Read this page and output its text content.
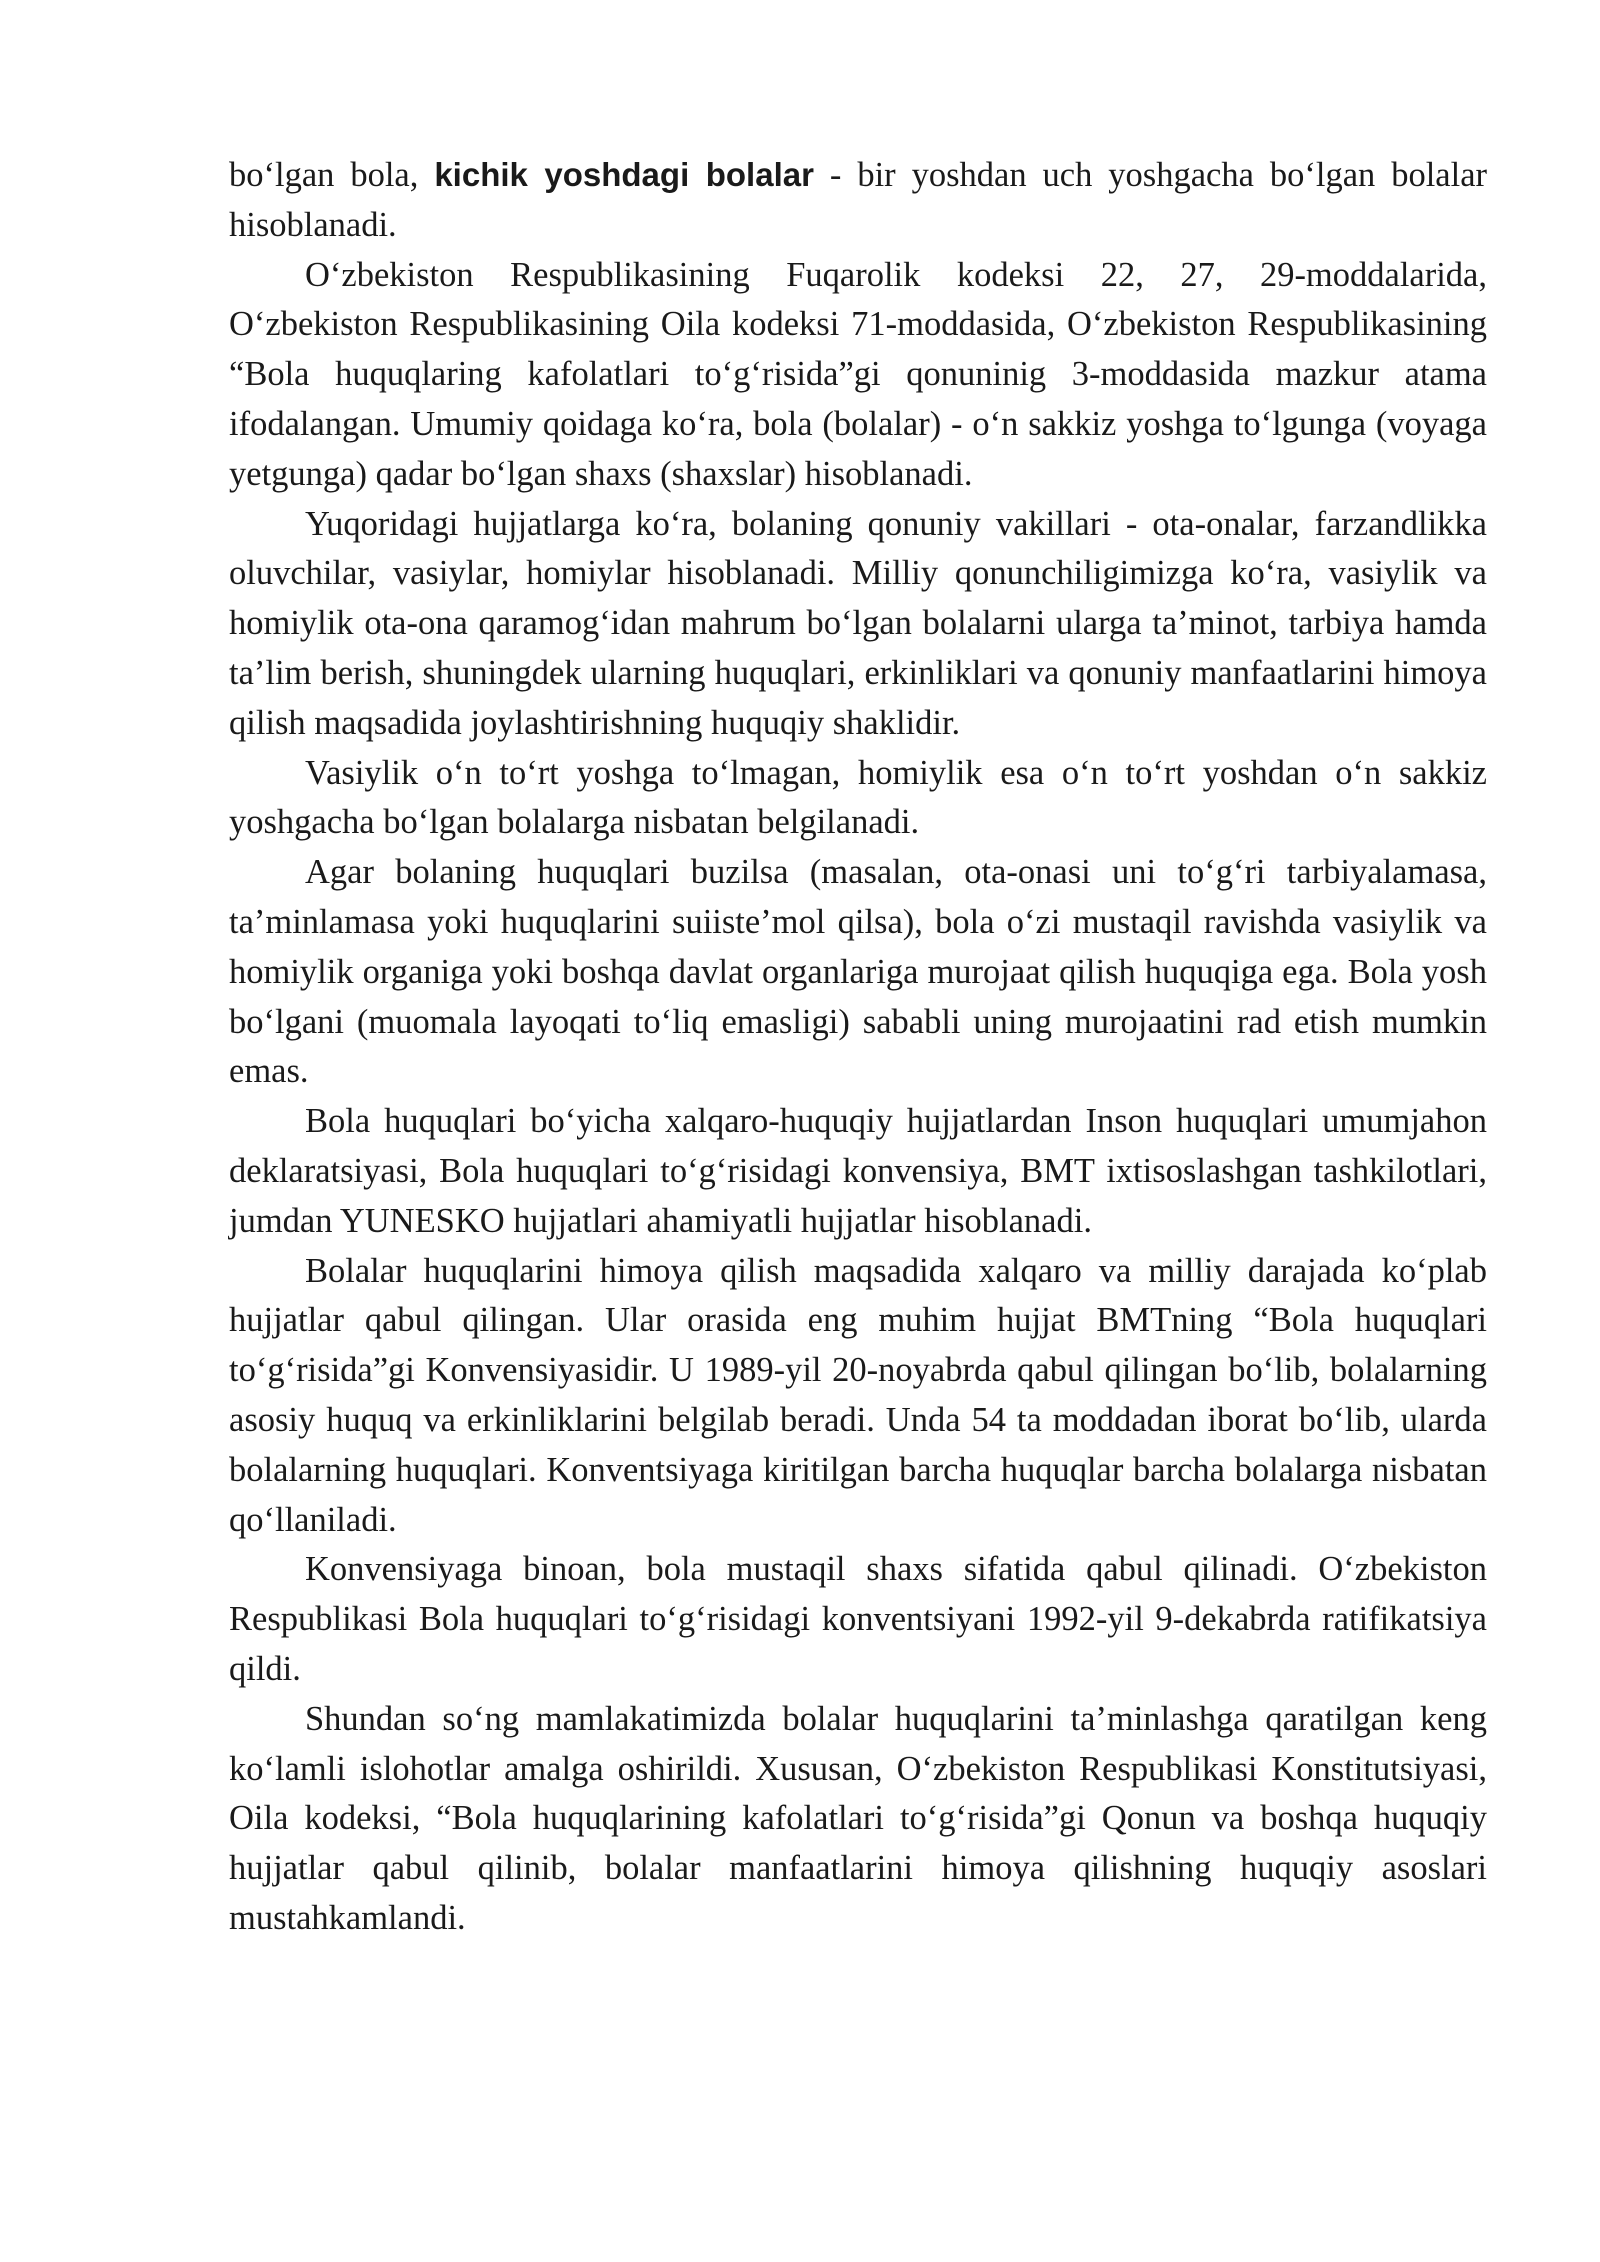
bo‘lgan bola, kichik yoshdagi bolalar - bir yoshdan uch yoshgacha bo‘lgan bolalar hisoblanadi.

O‘zbekiston Respublikasining Fuqarolik kodeksi 22, 27, 29-moddalarida, O‘zbekiston Respublikasining Oila kodeksi 71-moddasida, O‘zbekiston Respublikasining “Bola huquqlaring kafolatlari to‘g‘risida”gi qonuninig 3-moddasida mazkur atama ifodalangan. Umumiy qoidaga ko‘ra, bola (bolalar) - o‘n sakkiz yoshga to‘lgunga (voyaga yetgunga) qadar bo‘lgan shaxs (shaxslar) hisoblanadi.

Yuqoridagi hujjatlarga ko‘ra, bolaning qonuniy vakillari - ota-onalar, farzandlikka oluvchilar, vasiylar, homiylar hisoblanadi. Milliy qonunchiligimizga ko‘ra, vasiylik va homiylik ota-ona qaramog‘idan mahrum bo‘lgan bolalarni ularga ta’minot, tarbiya hamda ta’lim berish, shuningdek ularning huquqlari, erkinliklari va qonuniy manfaatlarini himoya qilish maqsadida joylashtirishning huquqiy shaklidir.

Vasiylik o‘n to‘rt yoshga to‘lmagan, homiylik esa o‘n to‘rt yoshdan o‘n sakkiz yoshgacha bo‘lgan bolalarga nisbatan belgilanadi.

Agar bolaning huquqlari buzilsa (masalan, ota-onasi uni to‘g‘ri tarbiyalamasa, ta’minlamasa yoki huquqlarini suiiste’mol qilsa), bola o‘zi mustaqil ravishda vasiylik va homiylik organiga yoki boshqa davlat organlariga murojaat qilish huquqiga ega. Bola yosh bo‘lgani (muomala layoqati to‘liq emasligi) sababli uning murojaatini rad etish mumkin emas.

Bola huquqlari bo‘yicha xalqaro-huquqiy hujjatlardan Inson huquqlari umumjahon deklaratsiyasi, Bola huquqlari to‘g‘risidagi konvensiya, BMT ixtisoslashgan tashkilotlari, jumdan YUNESKO hujjatlari ahamiyatli hujjatlar hisoblanadi.

Bolalar huquqlarini himoya qilish maqsadida xalqaro va milliy darajada ko‘plab hujjatlar qabul qilingan. Ular orasida eng muhim hujjat BMTning “Bola huquqlari to‘g‘risida”gi Konvensiyasidir. U 1989-yil 20-noyabrda qabul qilingan bo‘lib, bolalarning asosiy huquq va erkinliklarini belgilab beradi. Unda 54 ta moddadan iborat bo‘lib, ularda bolalarning huquqlari. Konventsiyaga kiritilgan barcha huquqlar barcha bolalarga nisbatan qo‘llaniladi.

Konvensiyaga binoan, bola mustaqil shaxs sifatida qabul qilinadi. O‘zbekiston Respublikasi Bola huquqlari to‘g‘risidagi konventsiyani 1992-yil 9-dekabrda ratifikatsiya qildi.

Shundan so‘ng mamlakatimizda bolalar huquqlarini ta’minlashga qaratilgan keng ko‘lamli islohotlar amalga oshirildi. Xususan, O‘zbekiston Respublikasi Konstitutsiyasi, Oila kodeksi, “Bola huquqlarining kafolatlari to‘g‘risida”gi Qonun va boshqa huquqiy hujjatlar qabul qilinib, bolalar manfaatlarini himoya qilishning huquqiy asoslari mustahkamlandi.
